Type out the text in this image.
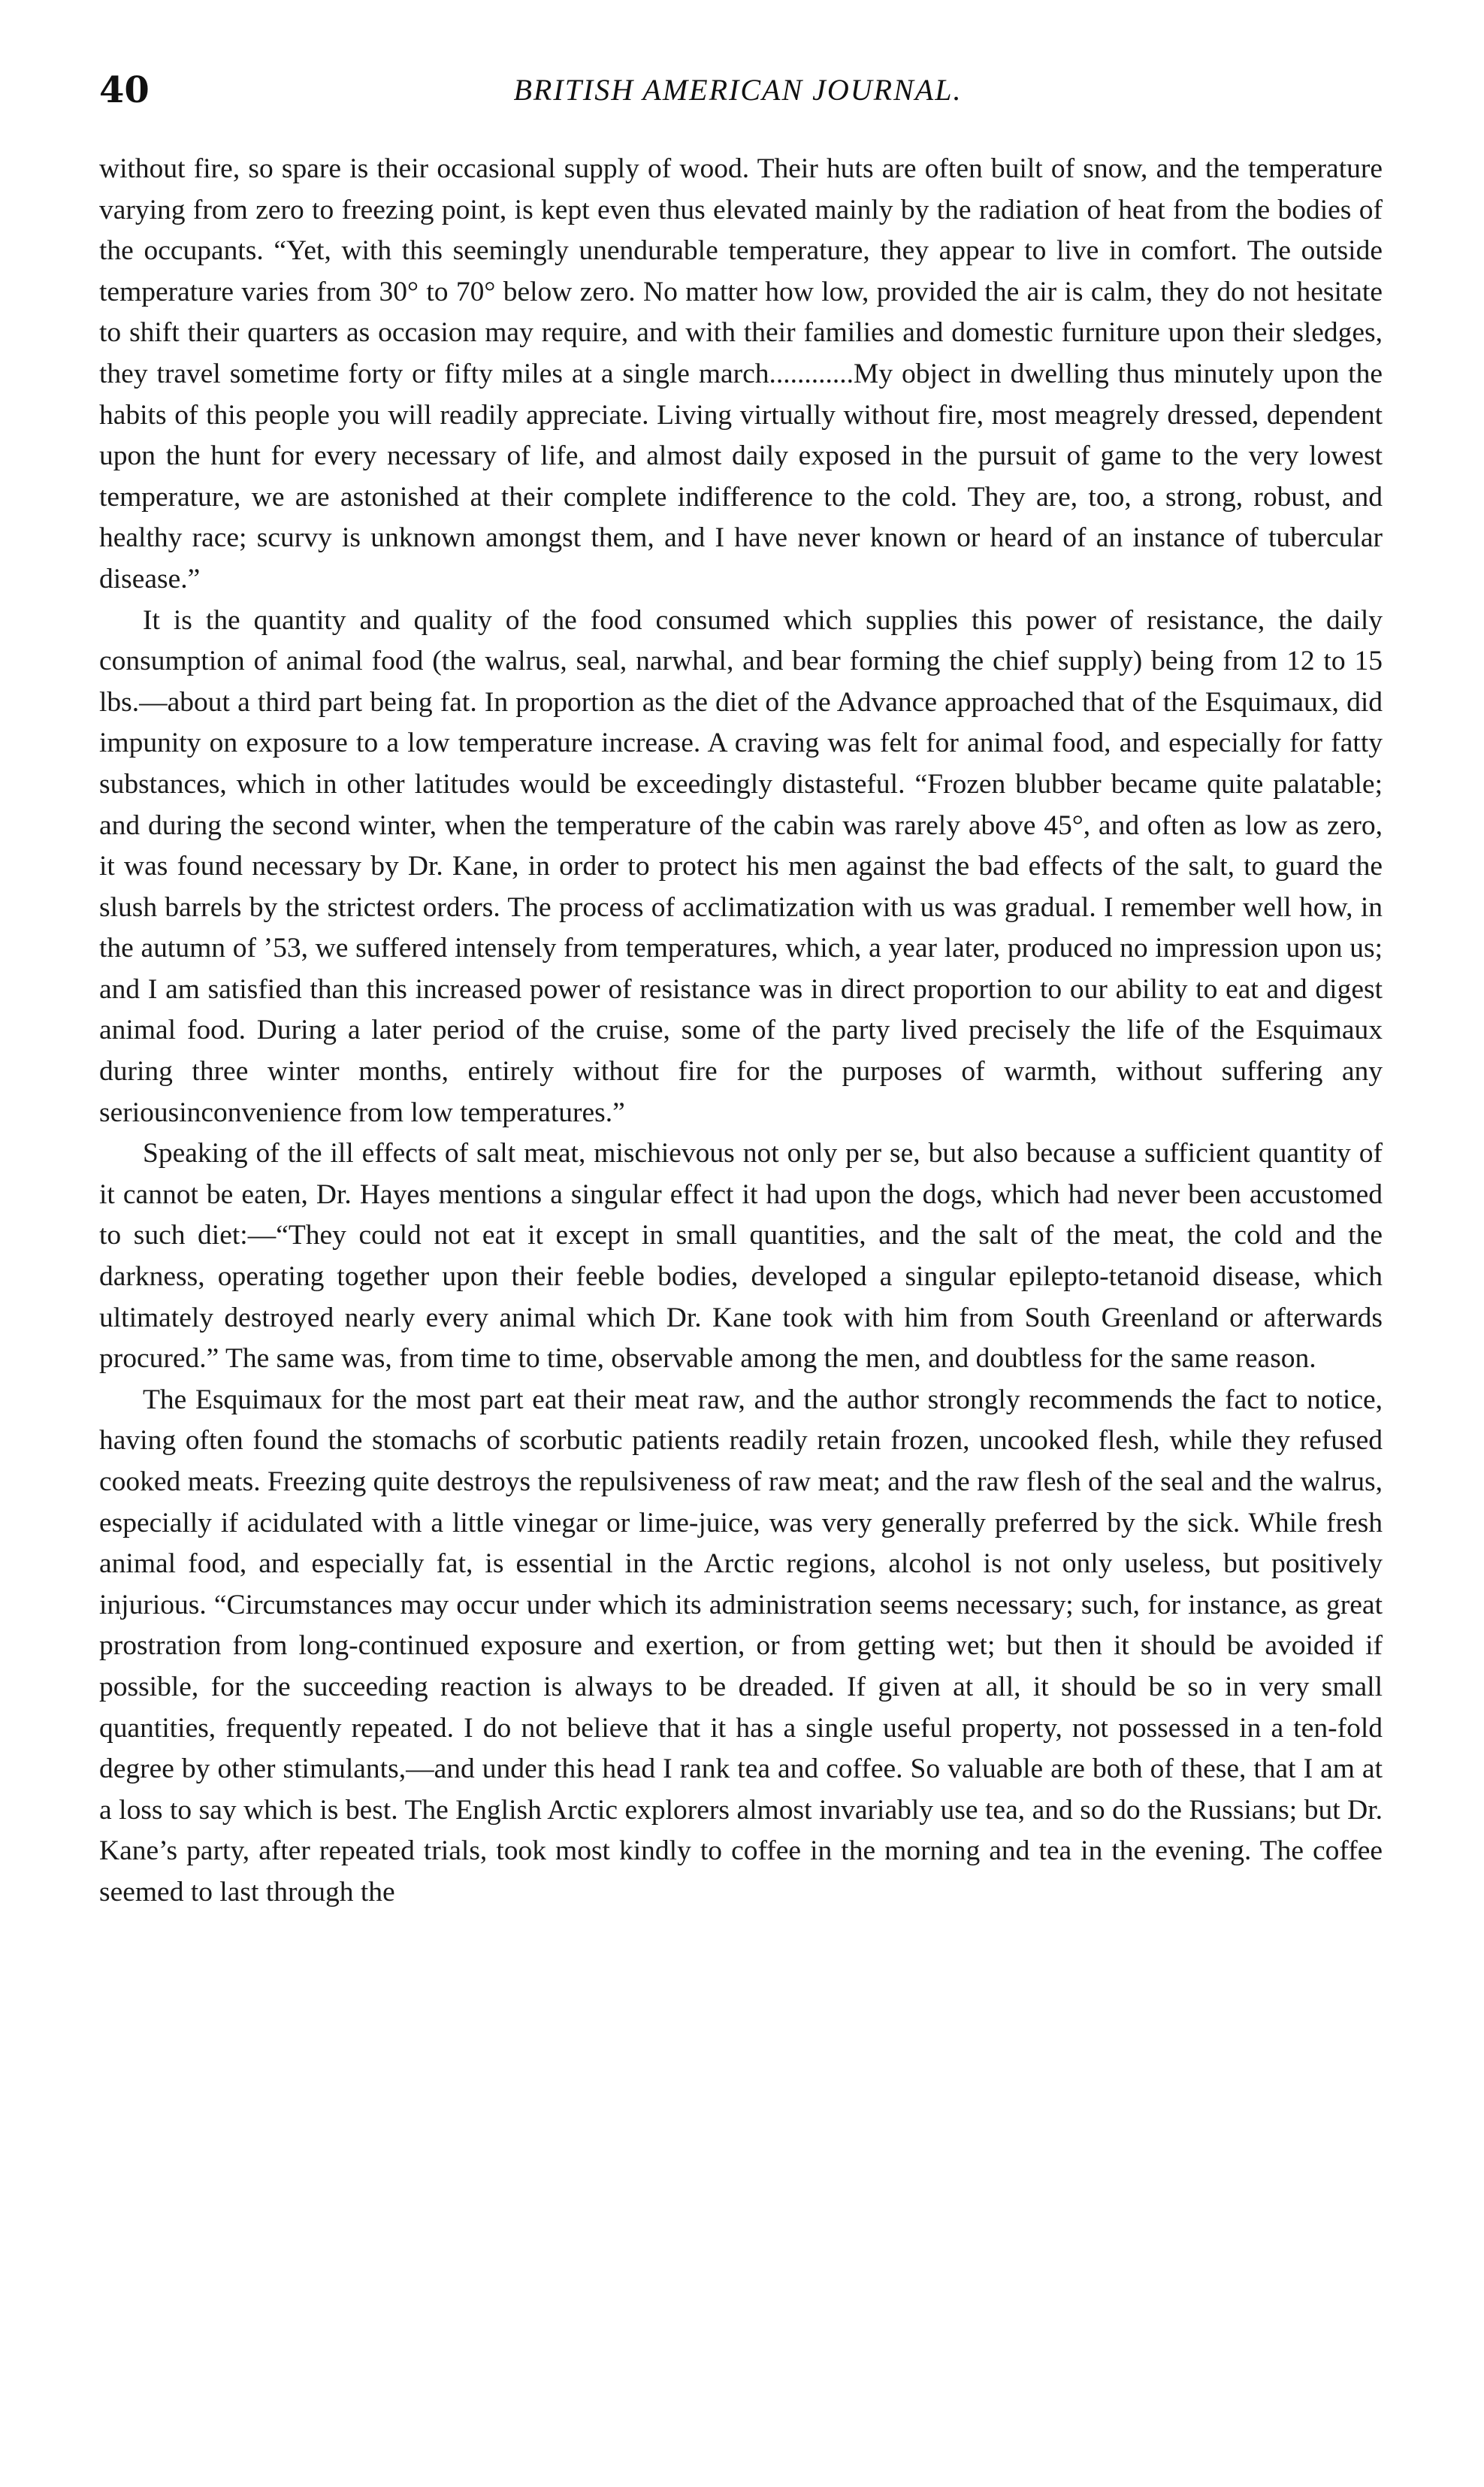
40	BRITISH AMERICAN JOURNAL.

without fire, so spare is their occasional supply of wood. Their huts are often built of snow, and the temperature varying from zero to freezing point, is kept even thus elevated mainly by the radiation of heat from the bodies of the occupants. “Yet, with this seemingly unendurable temperature, they appear to live in comfort. The outside temperature varies from 30° to 70° below zero. No matter how low, provided the air is calm, they do not hesitate to shift their quarters as occasion may require, and with their families and domestic furniture upon their sledges, they travel sometime forty or fifty miles at a single march............My object in dwelling thus minutely upon the habits of this people you will readily appreciate. Living virtually without fire, most meagrely dressed, dependent upon the hunt for every necessary of life, and almost daily exposed in the pursuit of game to the very lowest temperature, we are astonished at their complete indifference to the cold. They are, too, a strong, robust, and healthy race; scurvy is unknown amongst them, and I have never known or heard of an instance of tubercular disease.”

It is the quantity and quality of the food consumed which supplies this power of resistance, the daily consumption of animal food (the walrus, seal, narwhal, and bear forming the chief supply) being from 12 to 15 lbs.—about a third part being fat. In proportion as the diet of the Advance approached that of the Esquimaux, did impunity on exposure to a low temperature increase. A craving was felt for animal food, and especially for fatty substances, which in other latitudes would be exceedingly distasteful. “Frozen blubber became quite palatable; and during the second winter, when the temperature of the cabin was rarely above 45°, and often as low as zero, it was found necessary by Dr. Kane, in order to protect his men against the bad effects of the salt, to guard the slush barrels by the strictest orders. The process of acclimatization with us was gradual. I remember well how, in the autumn of ’53, we suffered intensely from temperatures, which, a year later, produced no impression upon us; and I am satisfied than this increased power of resistance was in direct proportion to our ability to eat and digest animal food. During a later period of the cruise, some of the party lived precisely the life of the Esquimaux during three winter months, entirely without fire for the purposes of warmth, without suffering any seriousinconvenience from low temperatures.”

Speaking of the ill effects of salt meat, mischievous not only per se, but also because a sufficient quantity of it cannot be eaten, Dr. Hayes mentions a singular effect it had upon the dogs, which had never been accustomed to such diet:—“They could not eat it except in small quantities, and the salt of the meat, the cold and the darkness, operating together upon their feeble bodies, developed a singular epilepto-tetanoid disease, which ultimately destroyed nearly every animal which Dr. Kane took with him from South Greenland or afterwards procured.” The same was, from time to time, observable among the men, and doubtless for the same reason.

The Esquimaux for the most part eat their meat raw, and the author strongly recommends the fact to notice, having often found the stomachs of scorbutic patients readily retain frozen, uncooked flesh, while they refused cooked meats. Freezing quite destroys the repulsiveness of raw meat; and the raw flesh of the seal and the walrus, especially if acidulated with a little vinegar or lime-juice, was very generally preferred by the sick. While fresh animal food, and especially fat, is essential in the Arctic regions, alcohol is not only useless, but positively injurious. “Circumstances may occur under which its administration seems necessary; such, for instance, as great prostration from long-continued exposure and exertion, or from getting wet; but then it should be avoided if possible, for the succeeding reaction is always to be dreaded. If given at all, it should be so in very small quantities, frequently repeated. I do not believe that it has a single useful property, not possessed in a ten-fold degree by other stimulants,—and under this head I rank tea and coffee. So valuable are both of these, that I am at a loss to say which is best. The English Arctic explorers almost invariably use tea, and so do the Russians; but Dr. Kane’s party, after repeated trials, took most kindly to coffee in the morning and tea in the evening. The coffee seemed to last through the
